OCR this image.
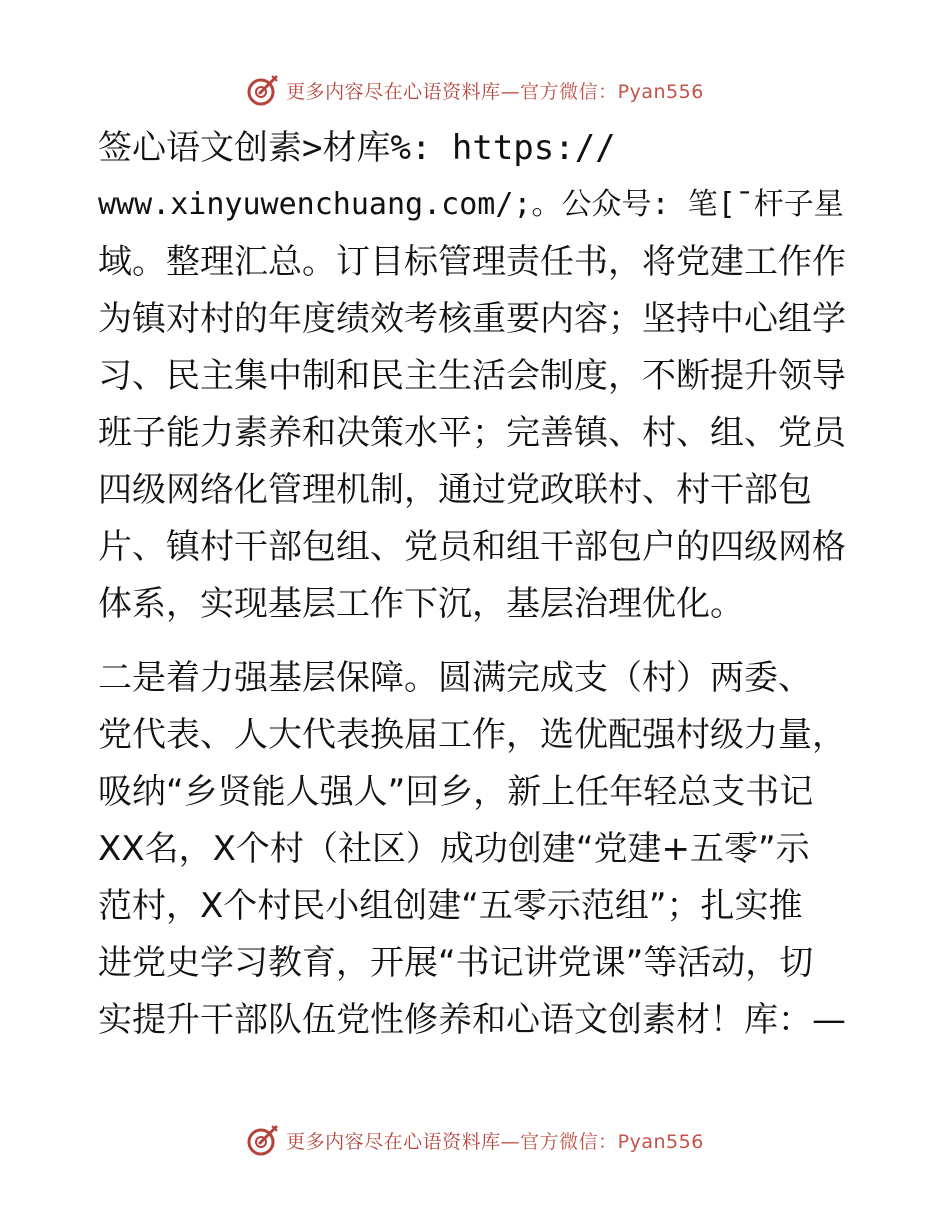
更多内容尽在心语资料库—官方微信：Pyan556
签心语文创素>材库%: https://
www.xinyuwenchuang.com/;。公众号: 笔[¯杆子星
域。整理汇总。订目标管理责任书，将党建工作作
为镇对村的年度绩效考核重要内容；坚持中心组学
习、民主集中制和民主生活会制度，不断提升领导
班子能力素养和决策水平；完善镇、村、组、党员
四级网络化管理机制，通过党政联村、村干部包
片、镇村干部包组、党员和组干部包户的四级网格
体系，实现基层工作下沉，基层治理优化。
二是着力强基层保障。圆满完成支（村）两委、
党代表、人大代表换届工作，选优配强村级力量，
吸纳“乡贤能人强人”回乡，新上任年轻总支书记
XX名，X个村（社区）成功创建“党建+五零”示
范村，X个村民小组创建“五零示范组”；扎实推
进党史学习教育，开展“书记讲党课”等活动，切
实提升干部队伍党性修养和心语文创素材！库：—
更多内容尽在心语资料库—官方微信：Pyan556
